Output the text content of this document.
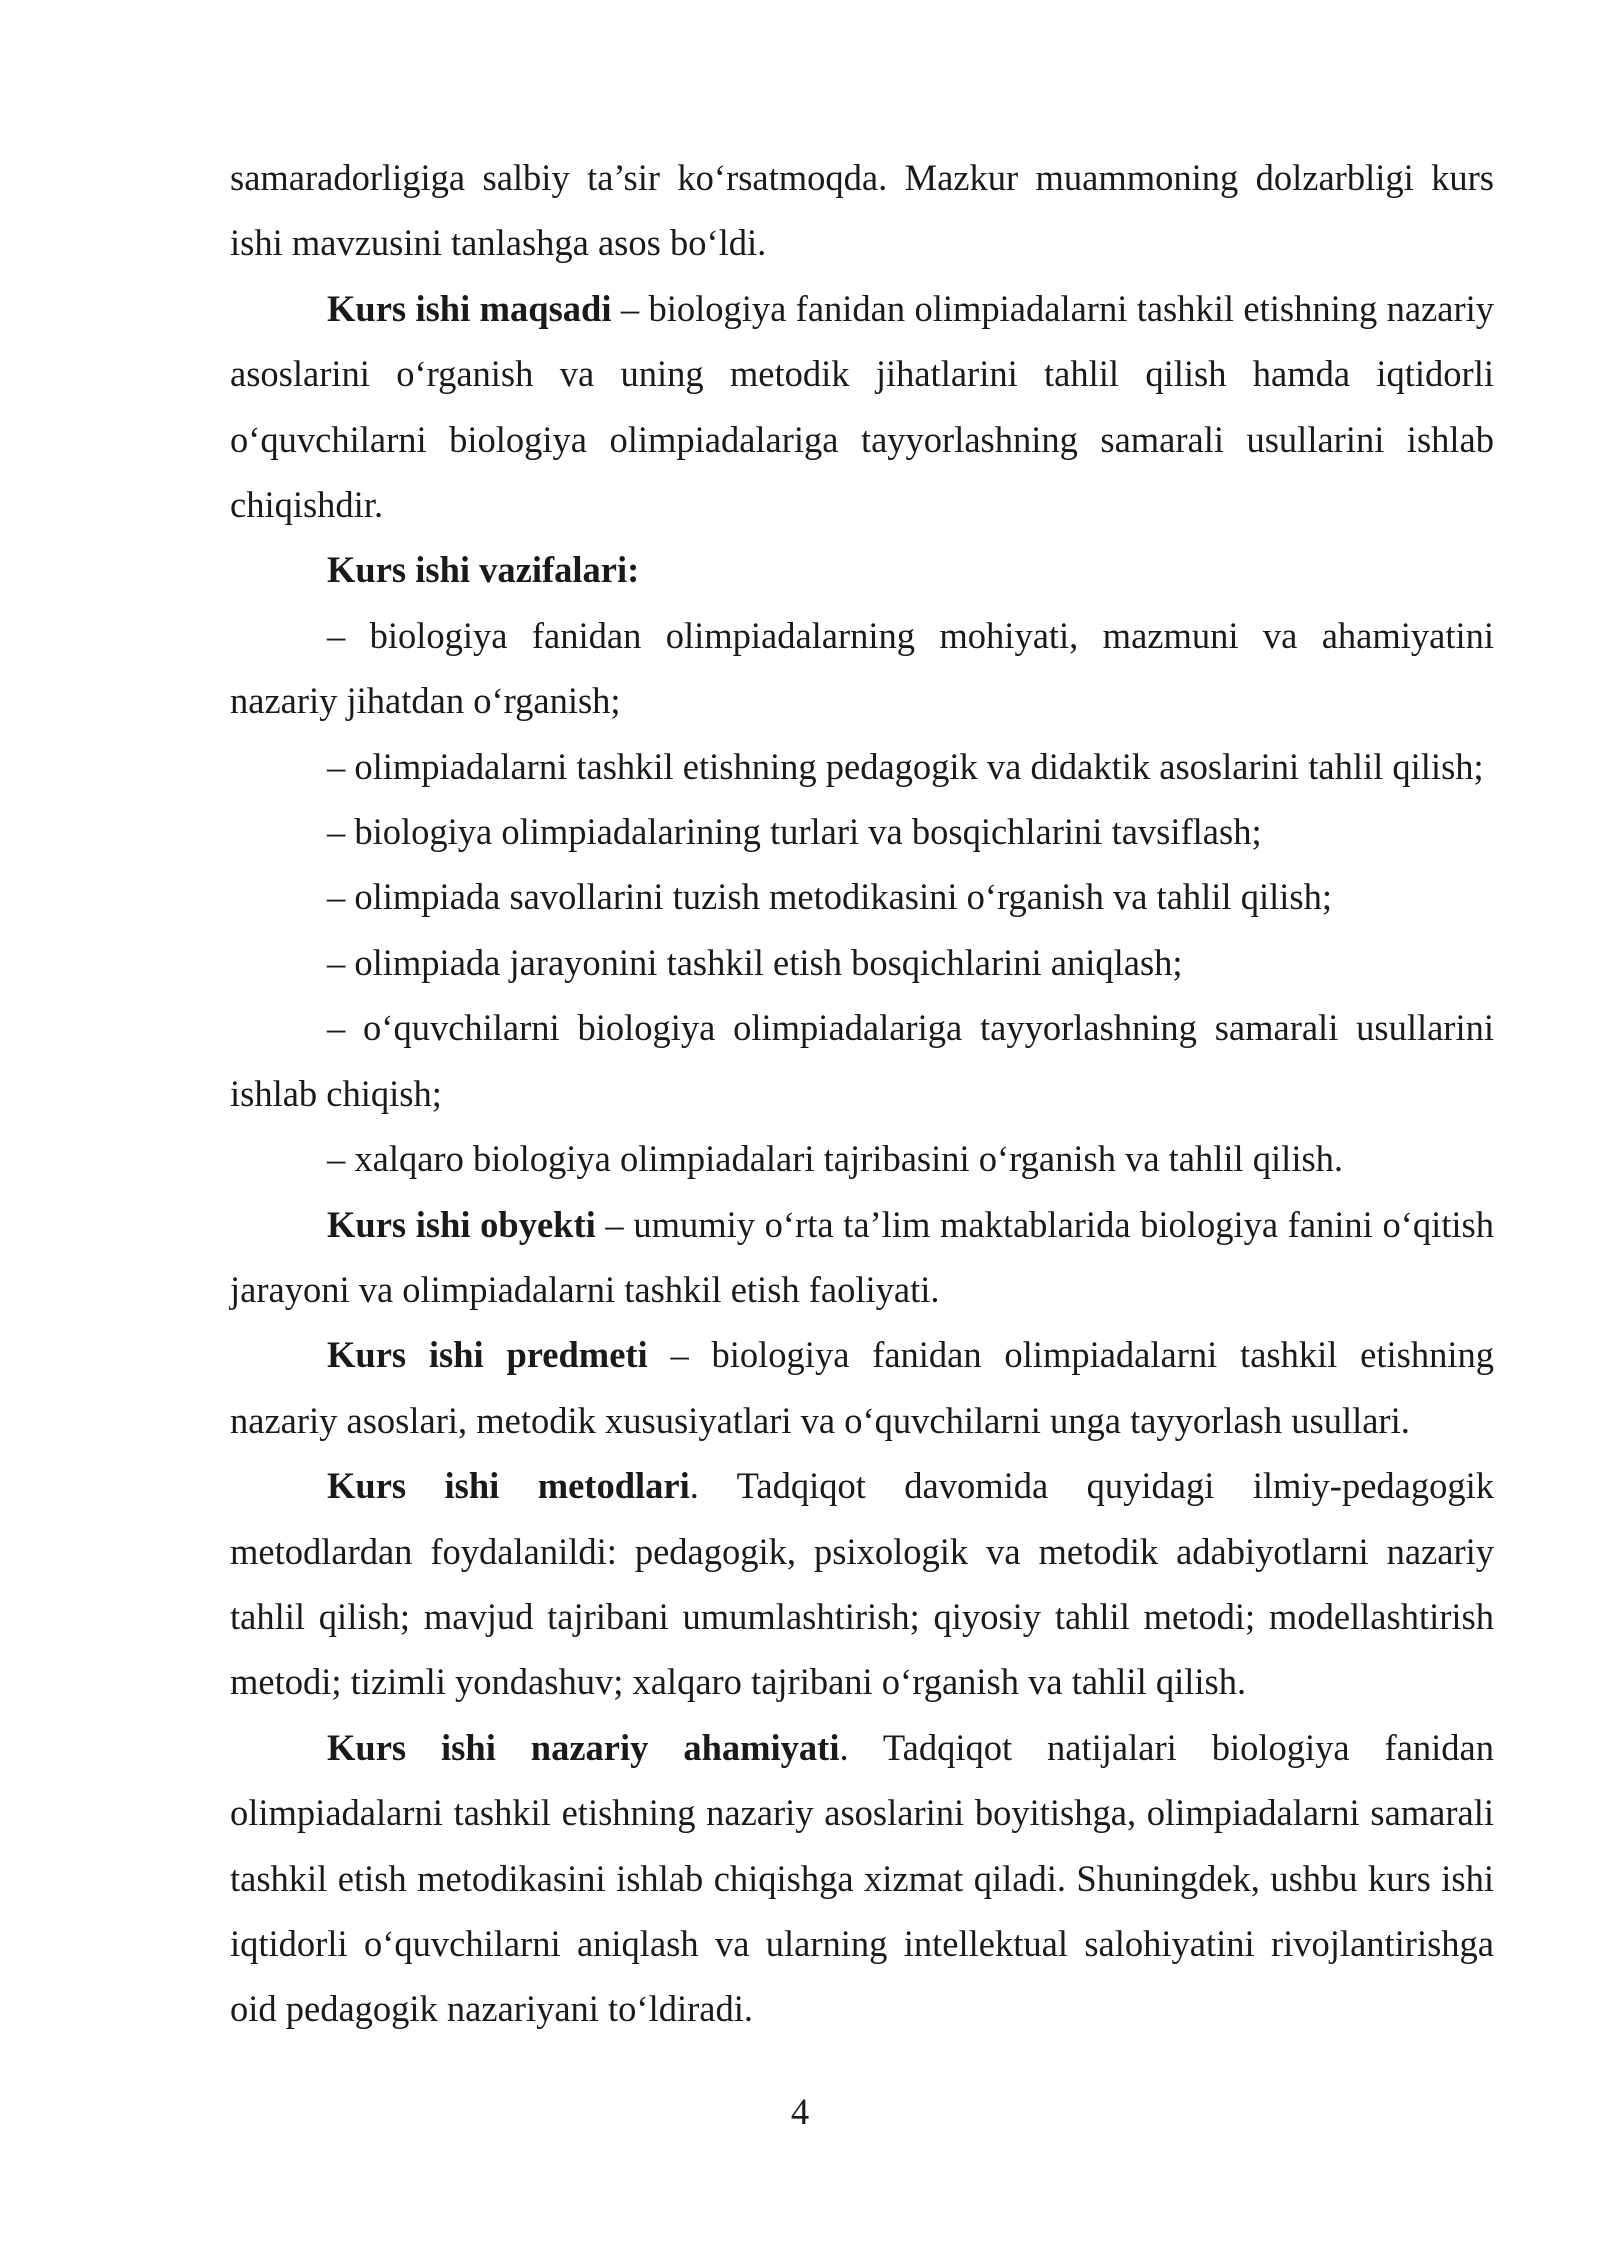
samaradorligiga salbiy ta’sir ko‘rsatmoqda. Mazkur muammoning dolzarbligi kurs ishi mavzusini tanlashga asos bo‘ldi.

Kurs ishi maqsadi – biologiya fanidan olimpiadalarni tashkil etishning nazariy asoslarini o‘rganish va uning metodik jihatlarini tahlil qilish hamda iqtidorli o‘quvchilarni biologiya olimpiadalariga tayyorlashning samarali usullarini ishlab chiqishdir.

Kurs ishi vazifalari:

– biologiya fanidan olimpiadalarning mohiyati, mazmuni va ahamiyatini nazariy jihatdan o‘rganish;

– olimpiadalarni tashkil etishning pedagogik va didaktik asoslarini tahlil qilish;

– biologiya olimpiadalarining turlari va bosqichlarini tavsiflash;

– olimpiada savollarini tuzish metodikasini o‘rganish va tahlil qilish;

– olimpiada jarayonini tashkil etish bosqichlarini aniqlash;

– o‘quvchilarni biologiya olimpiadalariga tayyorlashning samarali usullarini ishlab chiqish;

– xalqaro biologiya olimpiadalari tajribasini o‘rganish va tahlil qilish.

Kurs ishi obyekti – umumiy o‘rta ta’lim maktablarida biologiya fanini o‘qitish jarayoni va olimpiadalarni tashkil etish faoliyati.

Kurs ishi predmeti – biologiya fanidan olimpiadalarni tashkil etishning nazariy asoslari, metodik xususiyatlari va o‘quvchilarni unga tayyorlash usullari.

Kurs ishi metodlari. Tadqiqot davomida quyidagi ilmiy-pedagogik metodlardan foydalanildi: pedagogik, psixologik va metodik adabiyotlarni nazariy tahlil qilish; mavjud tajribani umumlashtirish; qiyosiy tahlil metodi; modellashtirish metodi; tizimli yondashuv; xalqaro tajribani o‘rganish va tahlil qilish.

Kurs ishi nazariy ahamiyati. Tadqiqot natijalari biologiya fanidan olimpiadalarni tashkil etishning nazariy asoslarini boyitishga, olimpiadalarni samarali tashkil etish metodikasini ishlab chiqishga xizmat qiladi. Shuningdek, ushbu kurs ishi iqtidorli o‘quvchilarni aniqlash va ularning intellektual salohiyatini rivojlantirishga oid pedagogik nazariyani to‘ldiradi.

4
